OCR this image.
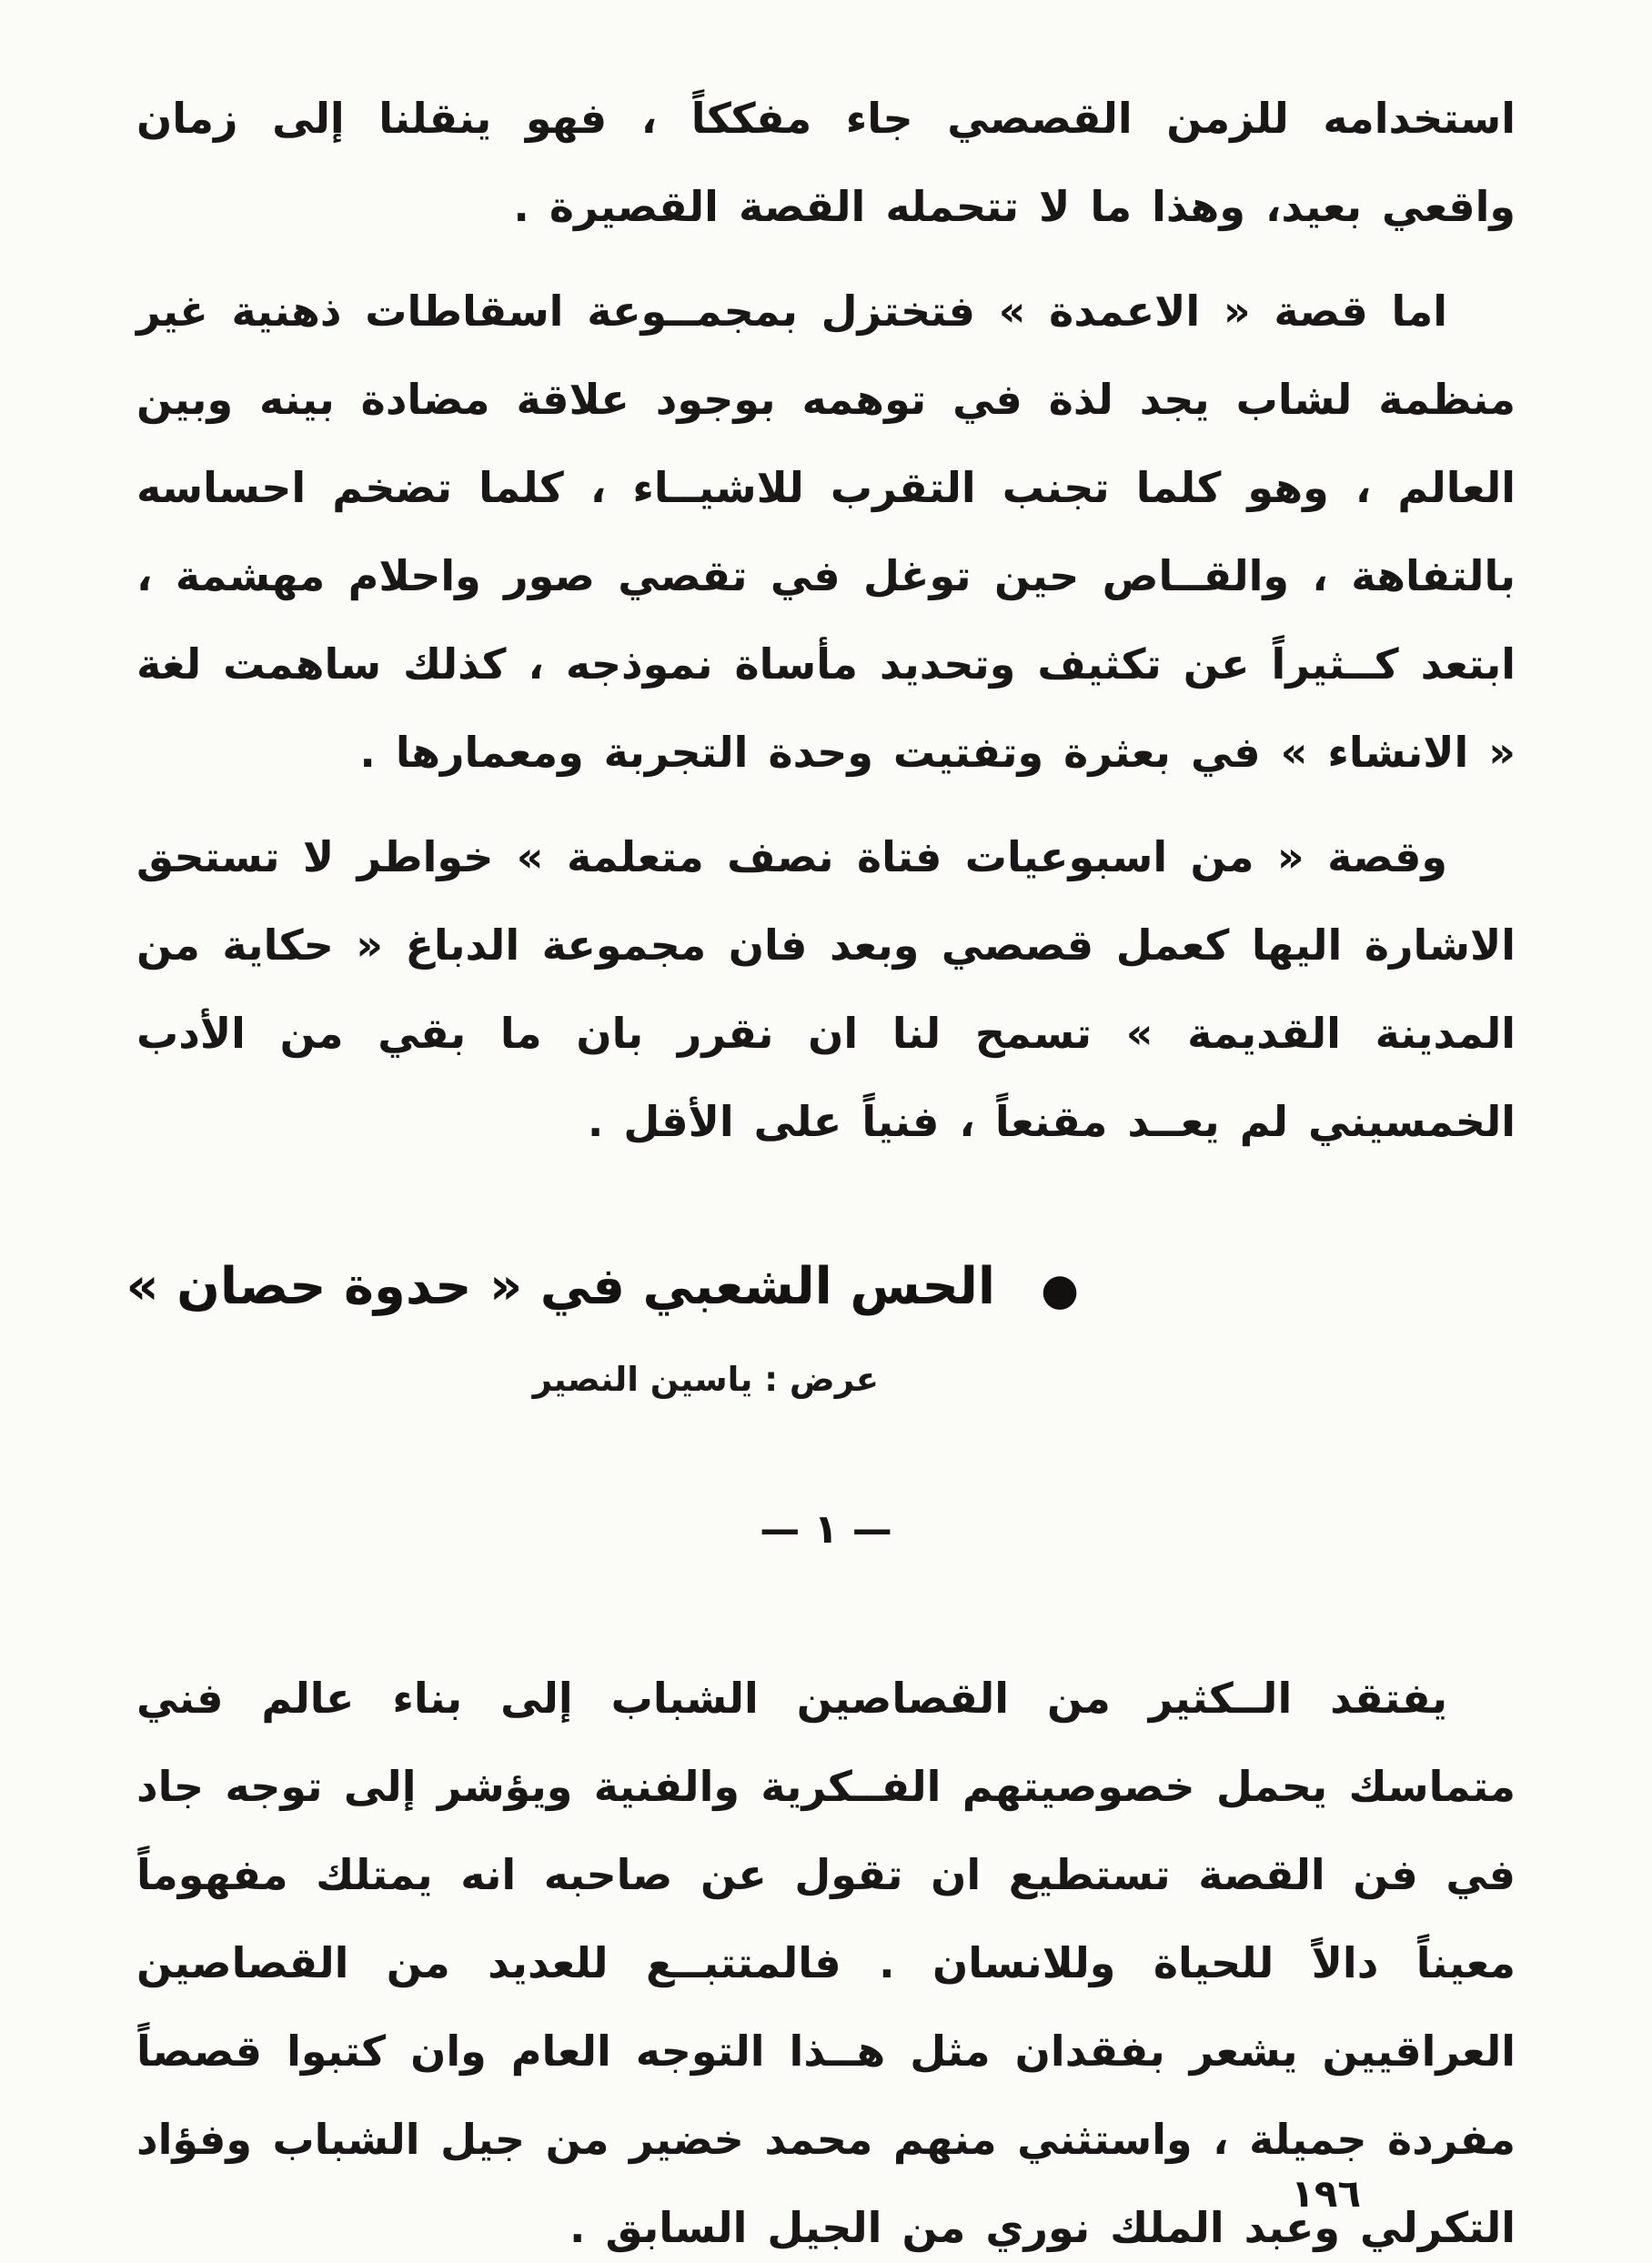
استخدامه للزمن القصصي جاء مفككاً ، فهو ينقلنا إلى زمان واقعي بعيد، وهذا ما لا تتحمله القصة القصيرة .

اما قصة « الاعمدة » فتختزل بمجمــوعة اسقاطات ذهنية غير منظمة لشاب يجد لذة في توهمه بوجود علاقة مضادة بينه وبين العالم ، وهو كلما تجنب التقرب للاشيــاء ، كلما تضخم احساسه بالتفاهة ، والقــاص حين توغل في تقصي صور واحلام مهشمة ، ابتعد كــثيراً عن تكثيف وتحديد مأساة نموذجه ، كذلك ساهمت لغة « الانشاء » في بعثرة وتفتيت وحدة التجربة ومعمارها .

وقصة « من اسبوعيات فتاة نصف متعلمة » خواطر لا تستحق الاشارة اليها كعمل قصصي وبعد فان مجموعة الدباغ « حكاية من المدينة القديمة » تسمح لنا ان نقرر بان ما بقي من الأدب الخمسيني لم يعــد مقنعاً ، فنياً على الأقل .

●الحس الشعبي في « حدوة حصان »
عرض : ياسين النصير
— ١ —

يفتقد الــكثير من القصاصين الشباب إلى بناء عالم فني متماسك يحمل خصوصيتهم الفــكرية والفنية ويؤشر إلى توجه جاد في فن القصة تستطيع ان تقول عن صاحبه انه يمتلك مفهوماً معيناً دالاً للحياة وللانسان . فالمتتبــع للعديد من القصاصين العراقيين يشعر بفقدان مثل هــذا التوجه العام وان كتبوا قصصاً مفردة جميلة ، واستثني منهم محمد خضير من جيل الشباب وفؤاد التكرلي وعبد الملك نوري من الجيل السابق .

١٩٦
